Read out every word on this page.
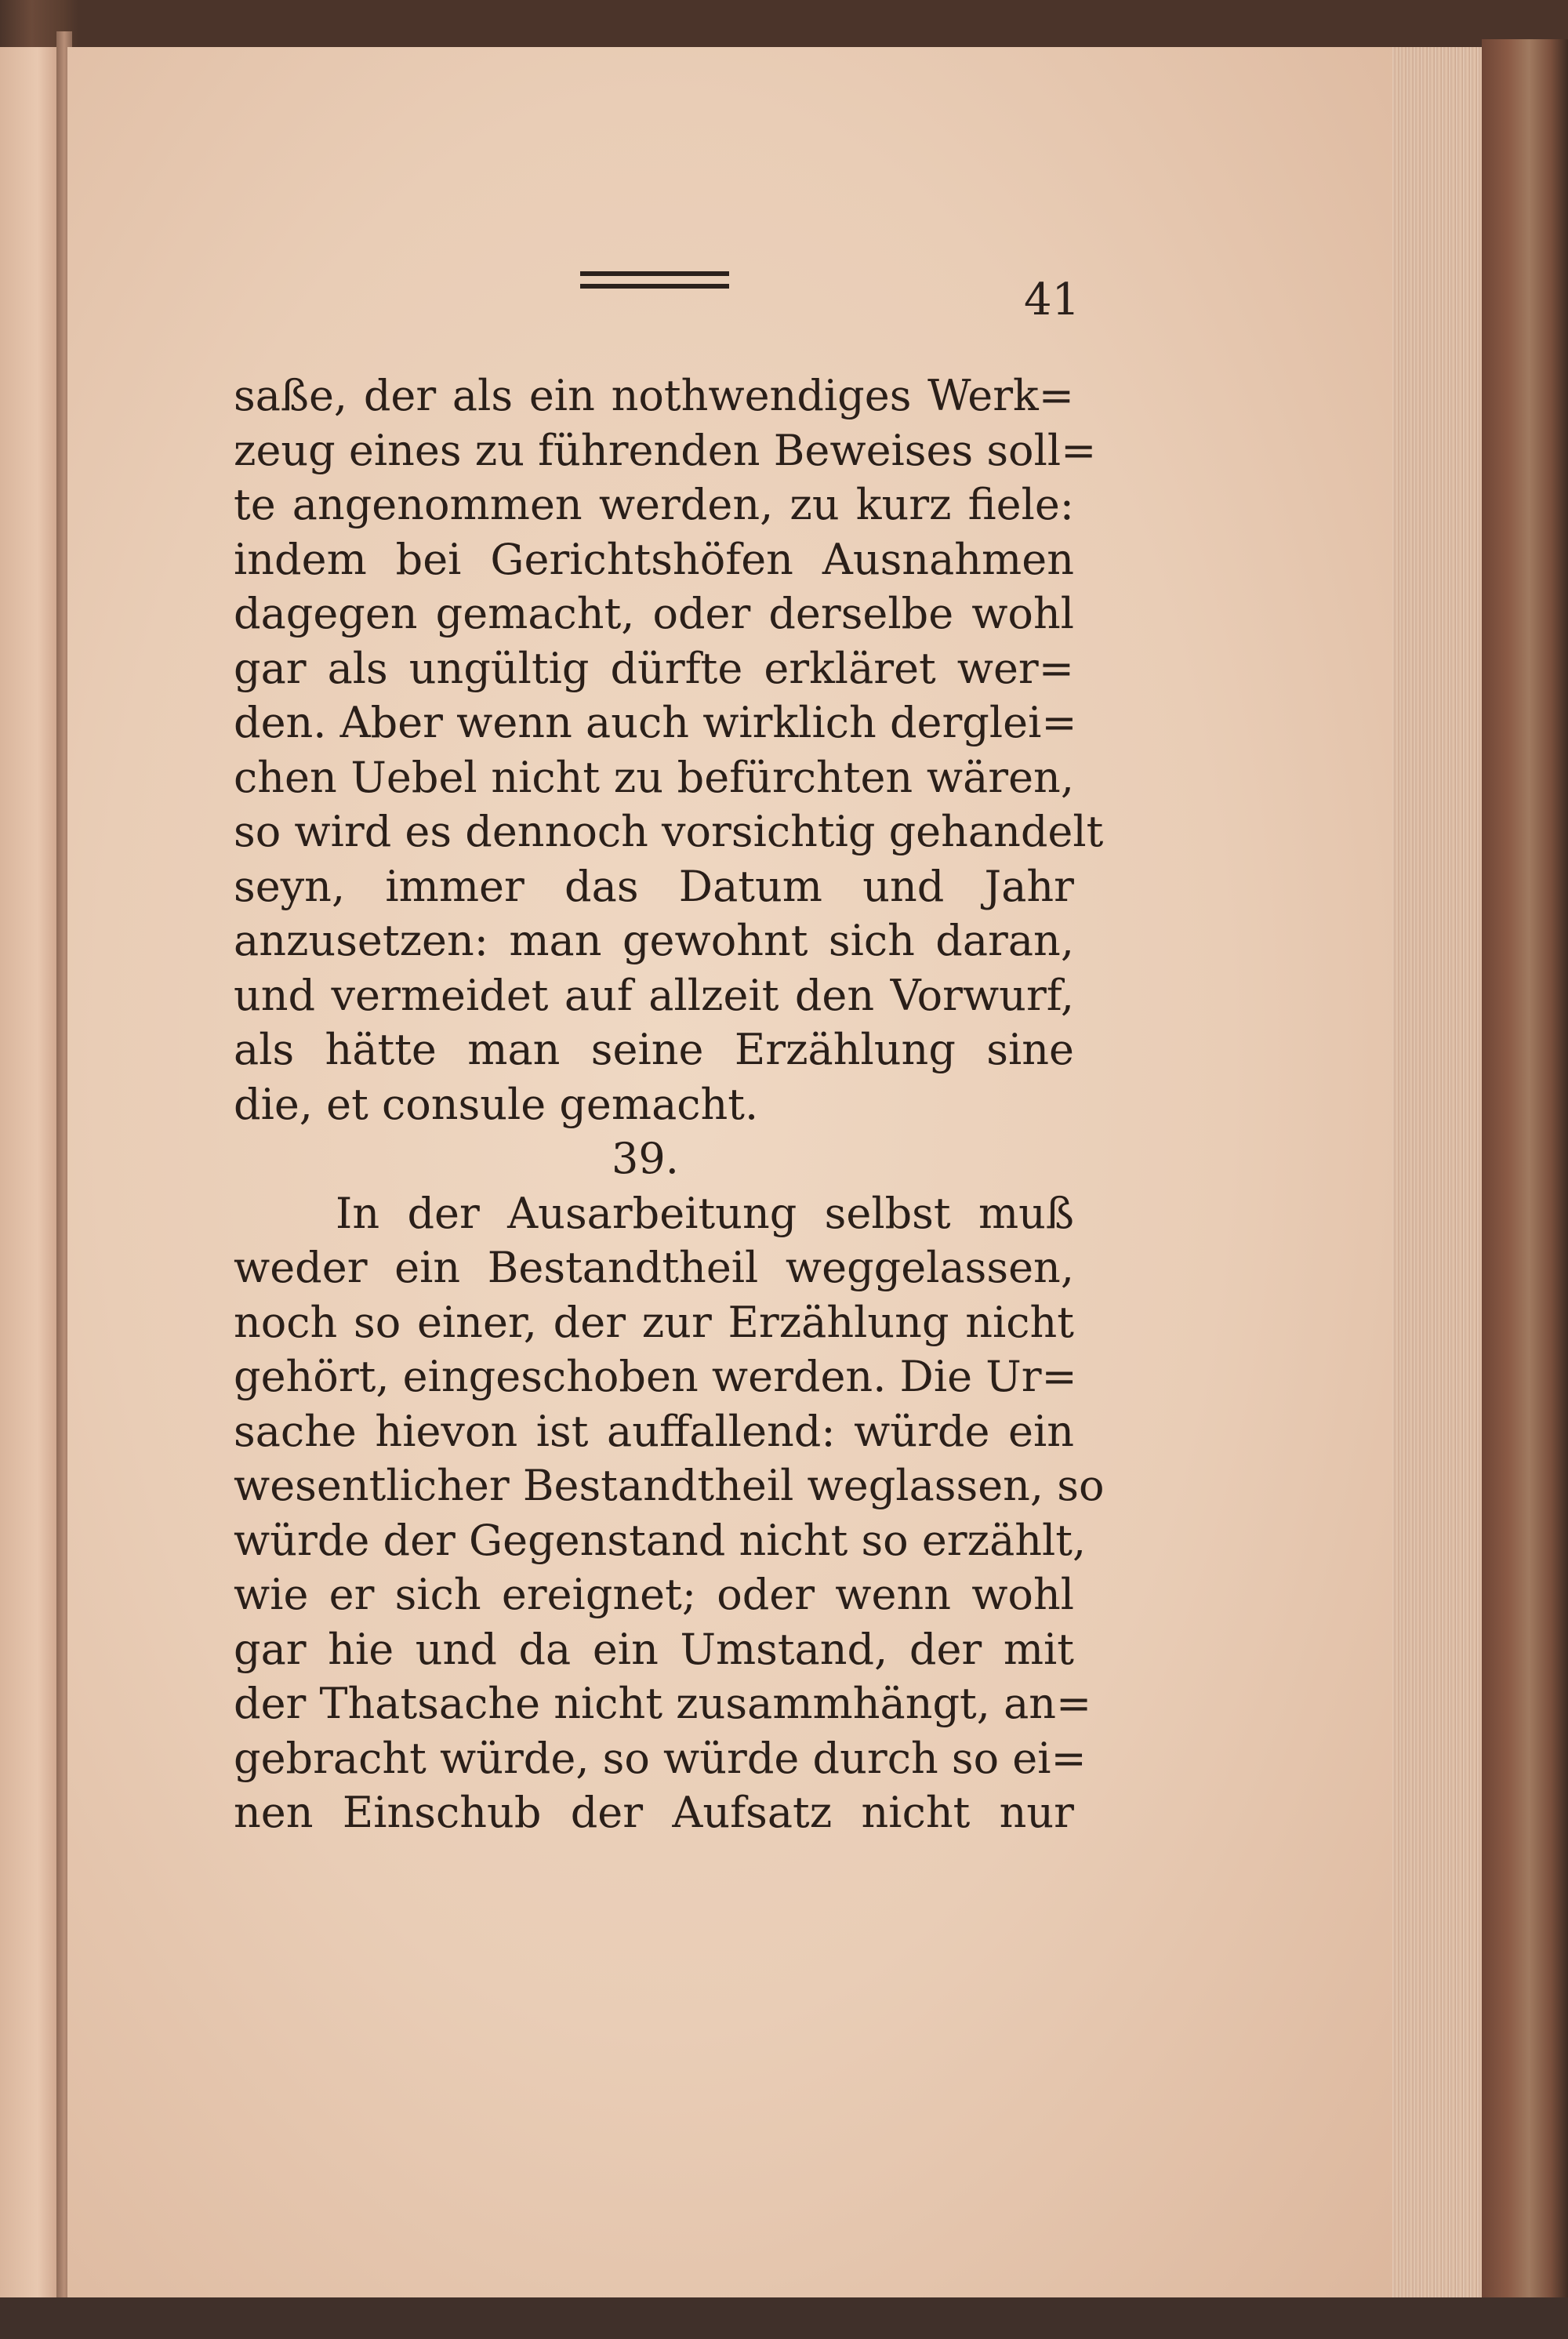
41
saße, der als ein nothwendiges Werk=
zeug eines zu führenden Beweises soll=
te angenommen werden, zu kurz fiele:
indem bei Gerichtshöfen Ausnahmen
dagegen gemacht, oder derselbe wohl
gar als ungültig dürfte erkläret wer=
den. Aber wenn auch wirklich derglei=
chen Uebel nicht zu befürchten wären,
so wird es dennoch vorsichtig gehandelt
seyn, immer das Datum und Jahr
anzusetzen: man gewohnt sich daran,
und vermeidet auf allzeit den Vorwurf,
als hätte man seine Erzählung sine
die, et consule gemacht.
39.
In der Ausarbeitung selbst muß
weder ein Bestandtheil weggelassen,
noch so einer, der zur Erzählung nicht
gehört, eingeschoben werden. Die Ur=
sache hievon ist auffallend: würde ein
wesentlicher Bestandtheil weglassen, so
würde der Gegenstand nicht so erzählt,
wie er sich ereignet; oder wenn wohl
gar hie und da ein Umstand, der mit
der Thatsache nicht zusammhängt, an=
gebracht würde, so würde durch so ei=
nen Einschub der Aufsatz nicht nur
